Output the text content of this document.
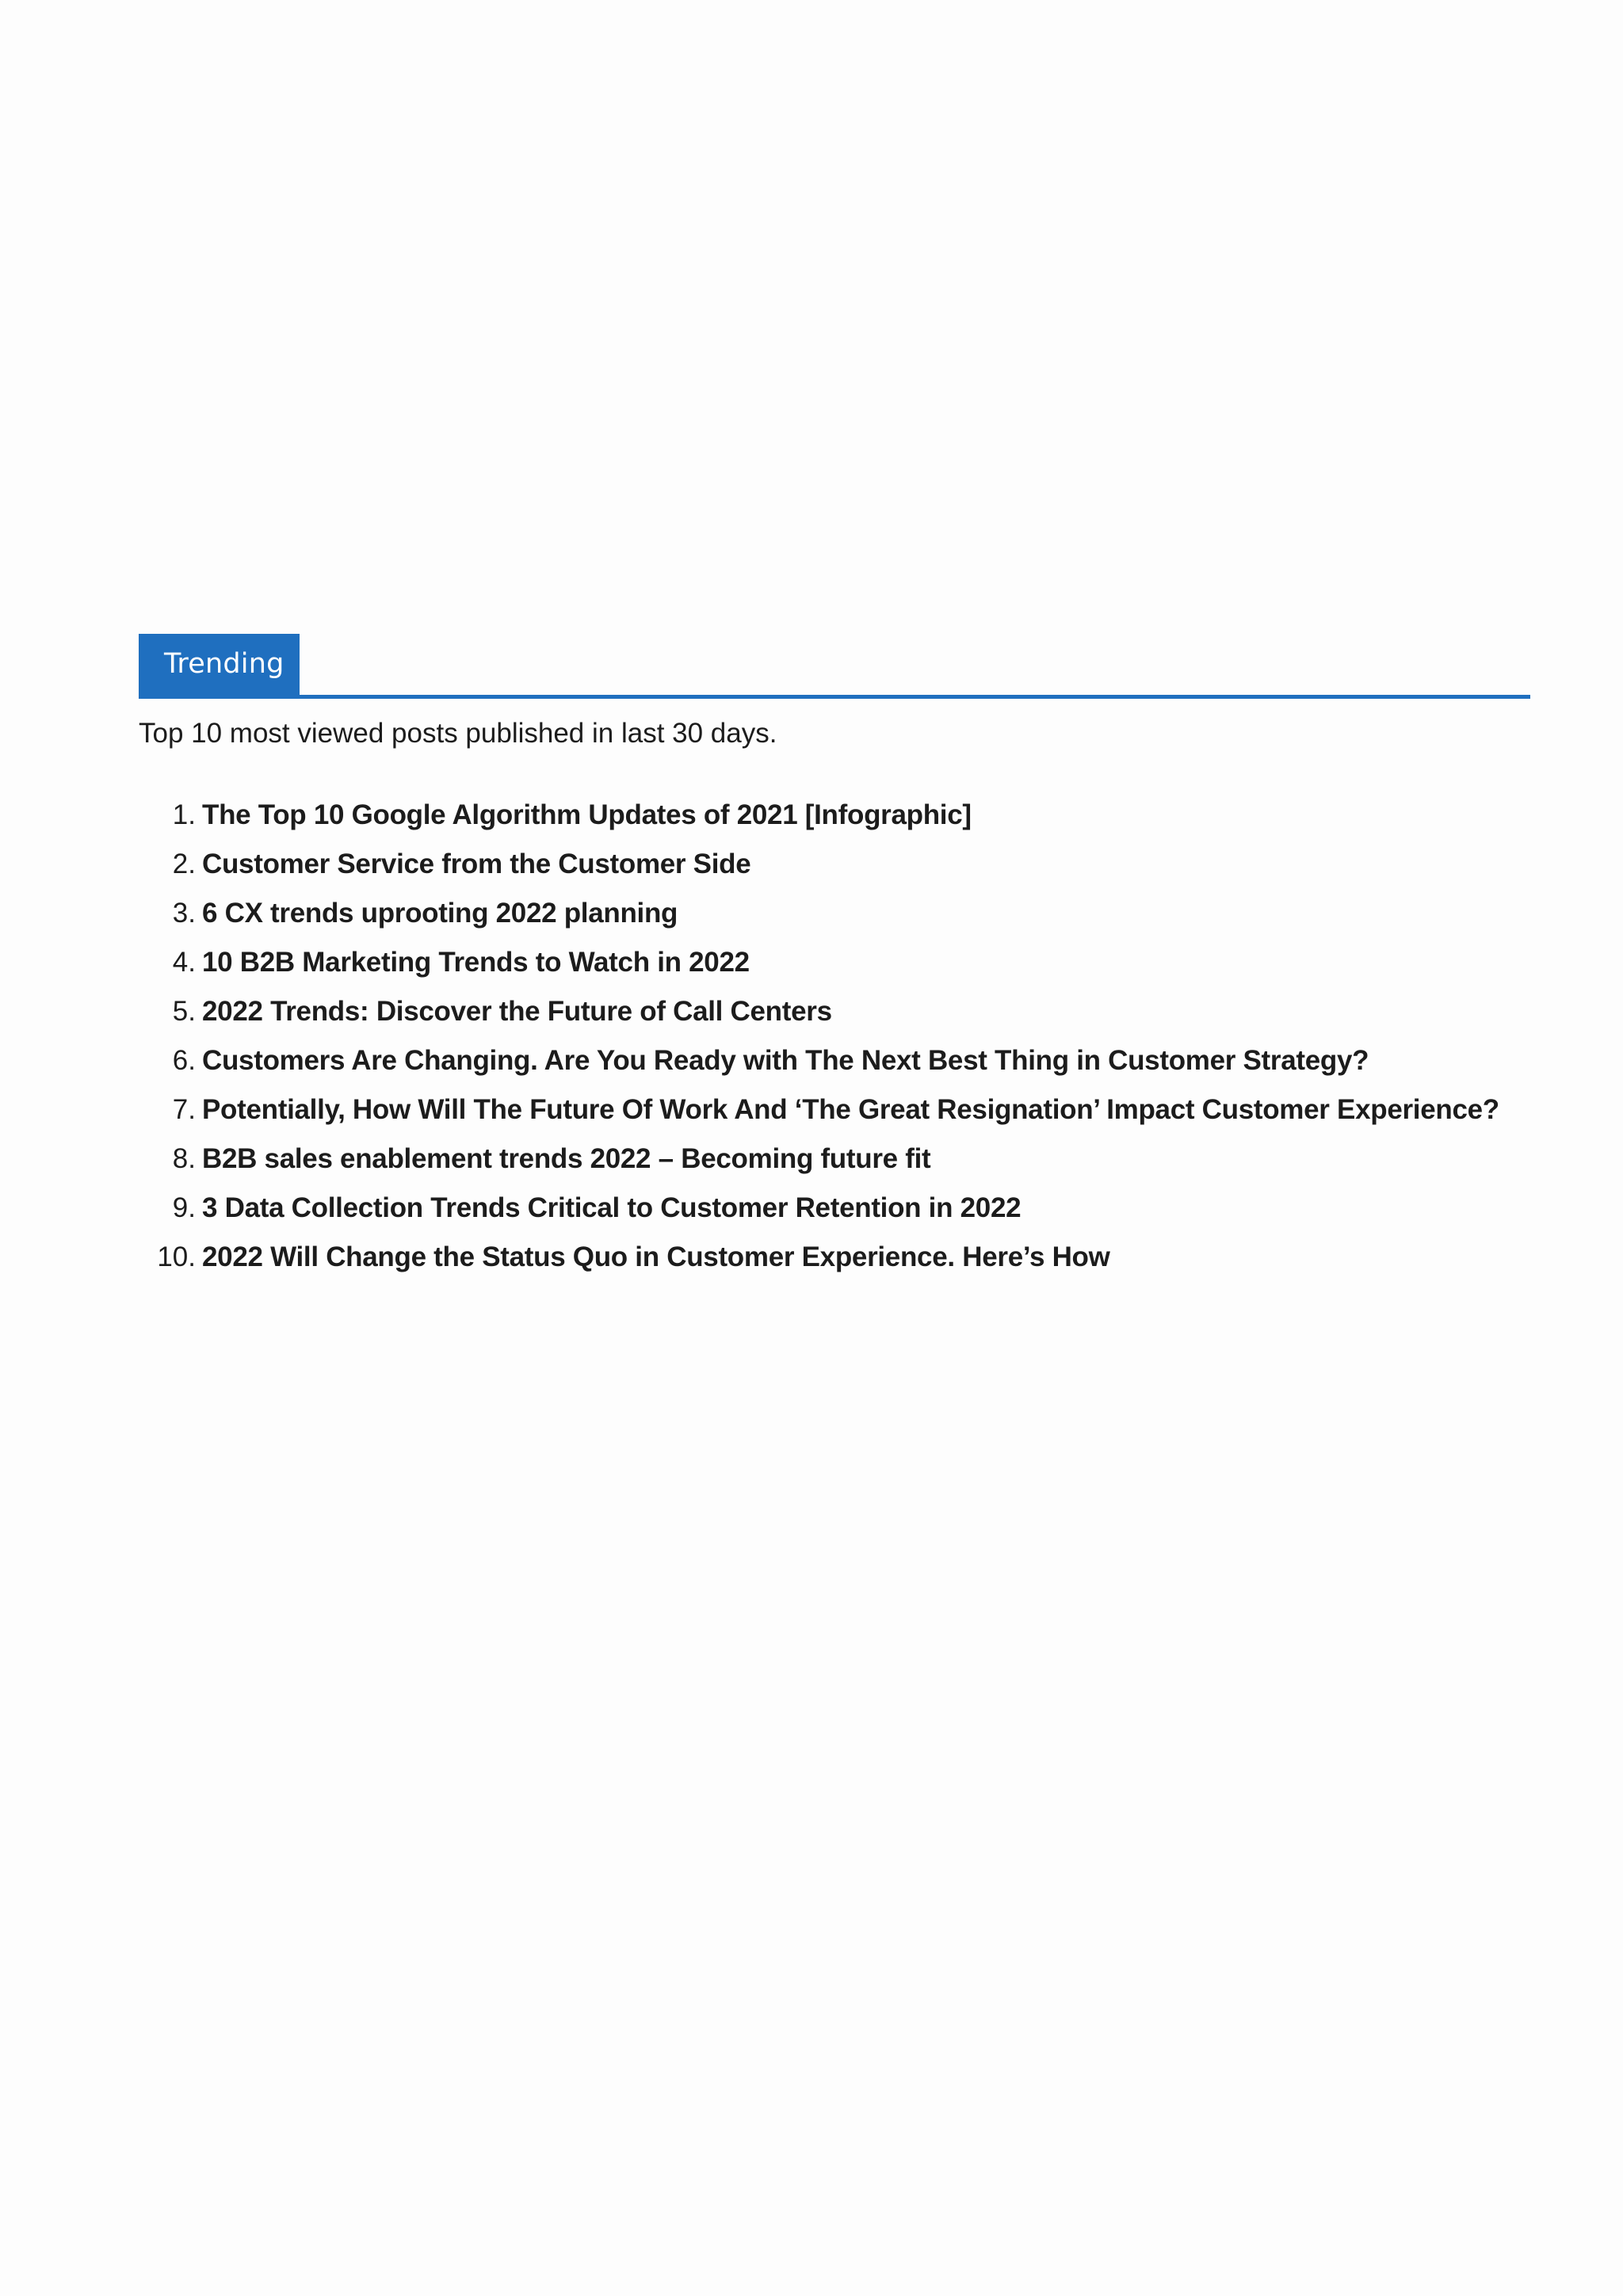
Trending
Top 10 most viewed posts published in last 30 days.
1. The Top 10 Google Algorithm Updates of 2021 [Infographic]
2. Customer Service from the Customer Side
3. 6 CX trends uprooting 2022 planning
4. 10 B2B Marketing Trends to Watch in 2022
5. 2022 Trends: Discover the Future of Call Centers
6. Customers Are Changing. Are You Ready with The Next Best Thing in Customer Strategy?
7. Potentially, How Will The Future Of Work And ‘The Great Resignation’ Impact Customer Experience?
8. B2B sales enablement trends 2022 – Becoming future fit
9. 3 Data Collection Trends Critical to Customer Retention in 2022
10. 2022 Will Change the Status Quo in Customer Experience. Here’s How
